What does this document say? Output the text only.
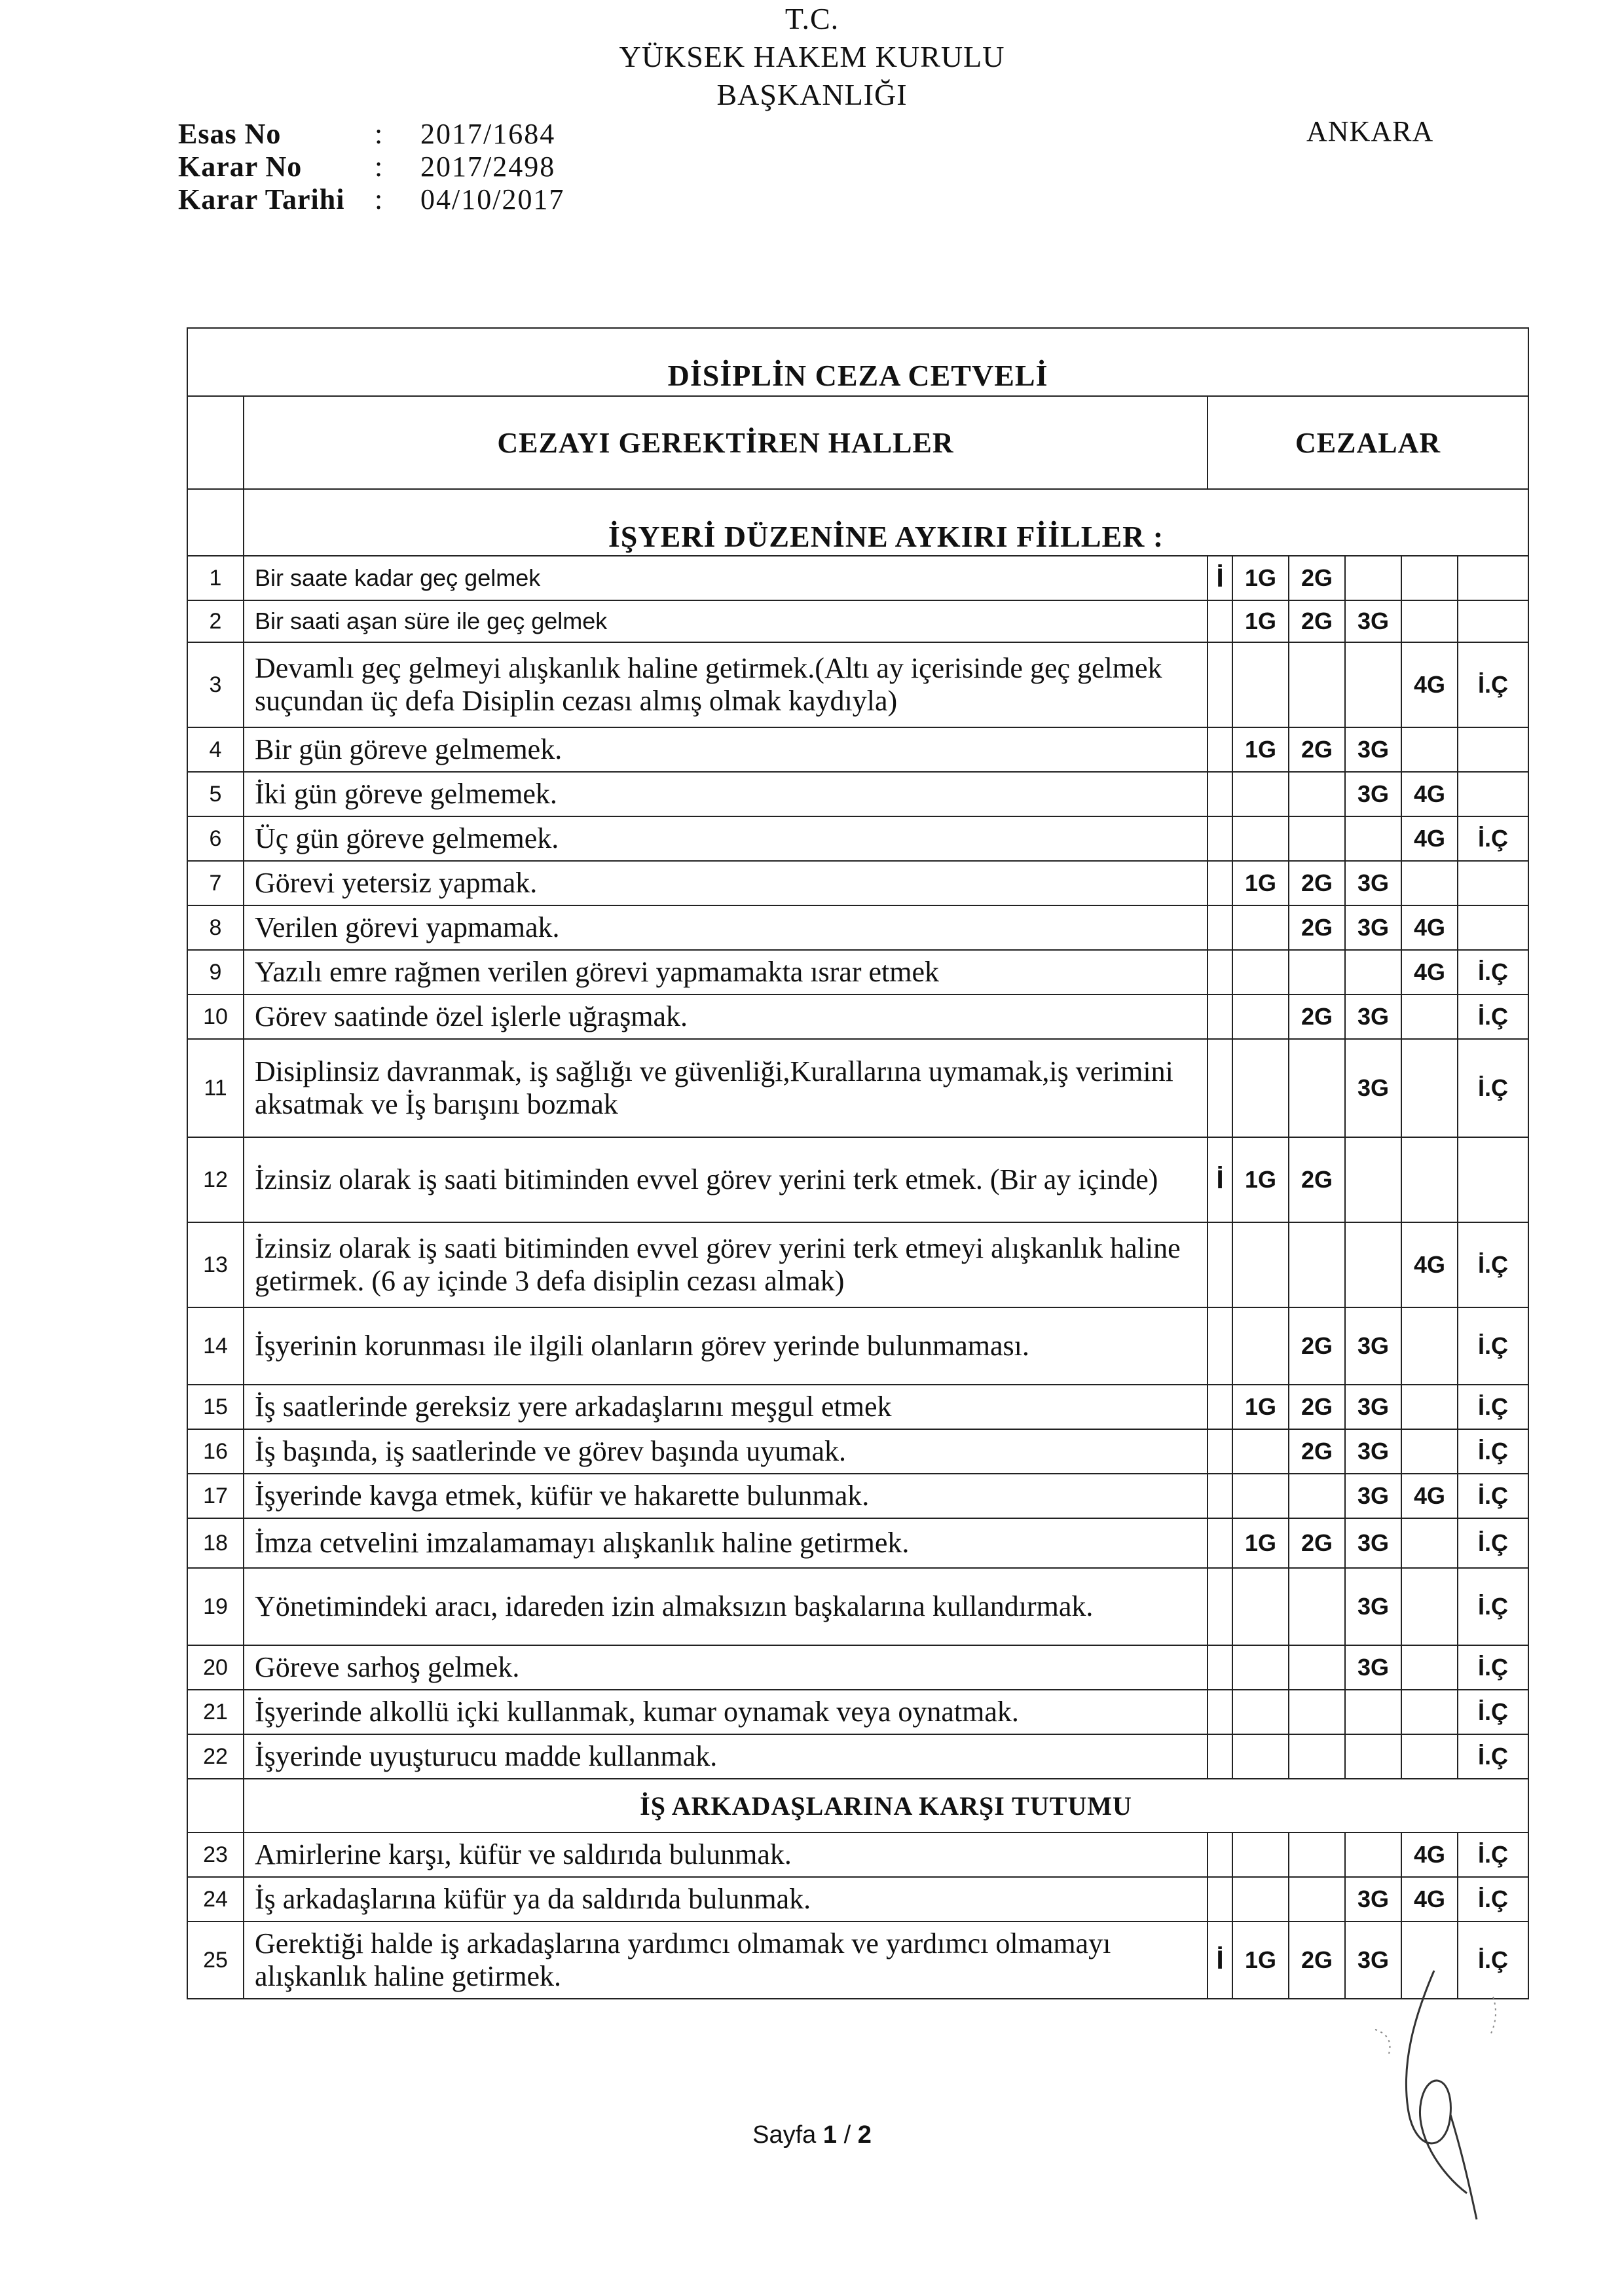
T.C.
YÜKSEK HAKEM KURULU
BAŞKANLIĞI
Esas No	:	2017/1684
Karar No	:	2017/2498
Karar Tarihi	:	04/10/2017
ANKARA
DİSİPLİN CEZA CETVELİ							
	CEZAYI GEREKTİREN HALLER	CEZALAR					
	İŞYERİ DÜZENİNE AYKIRI FİİLLER :						
1	Bir saate kadar geç gelmek	İ	1G	2G			
2	Bir saati aşan süre ile geç gelmek		1G	2G	3G		
3	Devamlı geç gelmeyi alışkanlık haline getirmek.(Altı ay içerisinde geç gelmek suçundan üç defa Disiplin cezası almış olmak kaydıyla)					4G	İ.Ç
4	Bir gün göreve gelmemek.		1G	2G	3G		
5	İki gün göreve gelmemek.				3G	4G	
6	Üç gün göreve gelmemek.					4G	İ.Ç
7	Görevi yetersiz yapmak.		1G	2G	3G		
8	Verilen görevi yapmamak.			2G	3G	4G	
9	Yazılı emre rağmen verilen görevi yapmamakta ısrar etmek					4G	İ.Ç
10	Görev saatinde özel işlerle uğraşmak.			2G	3G		İ.Ç
11	Disiplinsiz davranmak, iş sağlığı ve güvenliği,Kurallarına uymamak,iş verimini aksatmak ve İş barışını bozmak				3G		İ.Ç
12	İzinsiz olarak iş saati bitiminden evvel görev yerini terk etmek. (Bir ay içinde)	İ	1G	2G			
13	İzinsiz olarak iş saati bitiminden evvel görev yerini terk etmeyi alışkanlık haline getirmek. (6 ay içinde 3 defa disiplin cezası almak)					4G	İ.Ç
14	İşyerinin korunması ile ilgili olanların görev yerinde bulunmaması.			2G	3G		İ.Ç
15	İş saatlerinde gereksiz yere arkadaşlarını meşgul etmek		1G	2G	3G		İ.Ç
16	İş başında, iş saatlerinde ve görev başında uyumak.			2G	3G		İ.Ç
17	İşyerinde kavga etmek, küfür ve hakarette bulunmak.				3G	4G	İ.Ç
18	İmza cetvelini imzalamamayı alışkanlık haline getirmek.		1G	2G	3G		İ.Ç
19	Yönetimindeki aracı, idareden izin almaksızın başkalarına kullandırmak.				3G		İ.Ç
20	Göreve sarhoş gelmek.				3G		İ.Ç
21	İşyerinde alkollü içki kullanmak, kumar oynamak veya oynatmak.						İ.Ç
22	İşyerinde uyuşturucu madde kullanmak.						İ.Ç
	İŞ ARKADAŞLARINA KARŞI TUTUMU						
23	Amirlerine karşı, küfür ve saldırıda bulunmak.					4G	İ.Ç
24	İş arkadaşlarına küfür ya da saldırıda bulunmak.				3G	4G	İ.Ç
25	Gerektiği halde iş arkadaşlarına yardımcı olmamak ve yardımcı olmamayı alışkanlık haline getirmek.	İ	1G	2G	3G		İ.Ç
Sayfa 1 / 2
